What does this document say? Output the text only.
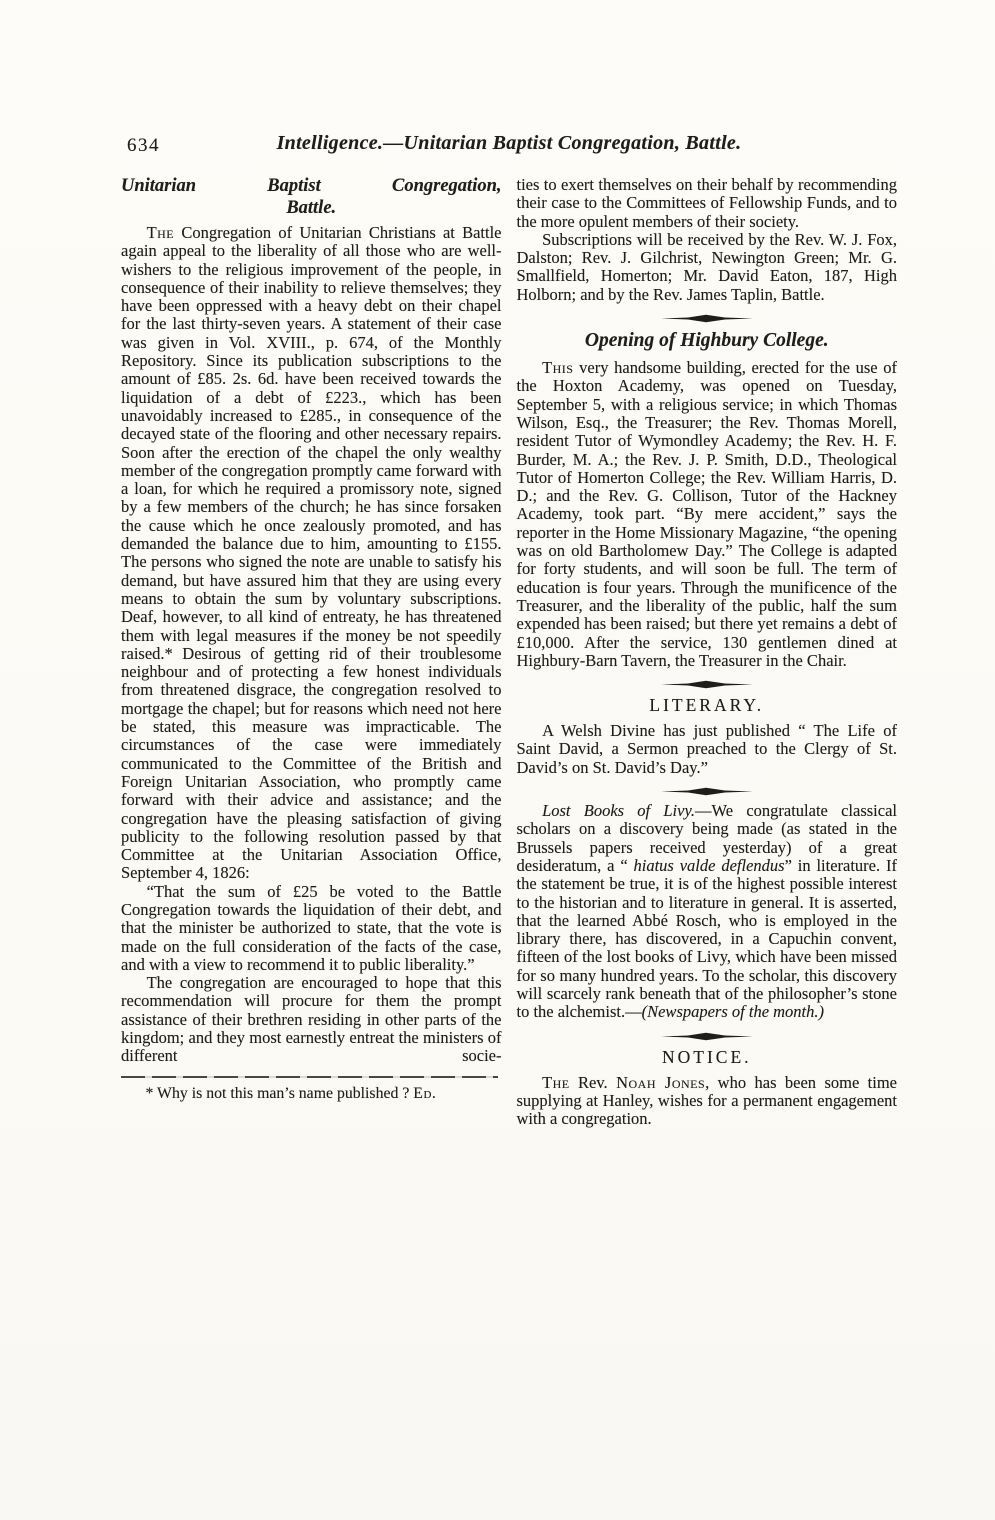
634	Intelligence.—Unitarian Baptist Congregation, Battle.
Unitarian Baptist Congregation,
Battle.

The Congregation of Unitarian Christians at Battle again appeal to the liberality of all those who are well-wishers to the religious improvement of the people, in consequence of their inability to relieve themselves; they have been oppressed with a heavy debt on their chapel for the last thirty-seven years. A statement of their case was given in Vol. XVIII., p. 674, of the Monthly Repository. Since its publication subscriptions to the amount of £85. 2s. 6d. have been received towards the liquidation of a debt of £223., which has been unavoidably increased to £285., in consequence of the decayed state of the flooring and other necessary repairs. Soon after the erection of the chapel the only wealthy member of the congregation promptly came forward with a loan, for which he required a promissory note, signed by a few members of the church; he has since forsaken the cause which he once zealously promoted, and has demanded the balance due to him, amounting to £155. The persons who signed the note are unable to satisfy his demand, but have assured him that they are using every means to obtain the sum by voluntary subscriptions. Deaf, however, to all kind of entreaty, he has threatened them with legal measures if the money be not speedily raised.* Desirous of getting rid of their troublesome neighbour and of protecting a few honest individuals from threatened disgrace, the congregation resolved to mortgage the chapel; but for reasons which need not here be stated, this measure was impracticable. The circumstances of the case were immediately communicated to the Committee of the British and Foreign Unitarian Association, who promptly came forward with their advice and assistance; and the congregation have the pleasing satisfaction of giving publicity to the following resolution passed by that Committee at the Unitarian Association Office, September 4, 1826:

“That the sum of £25 be voted to the Battle Congregation towards the liquidation of their debt, and that the minister be authorized to state, that the vote is made on the full consideration of the facts of the case, and with a view to recommend it to public liberality.”

The congregation are encouraged to hope that this recommendation will procure for them the prompt assistance of their brethren residing in other parts of the kingdom; and they most earnestly entreat the ministers of different socie-

* Why is not this man’s name published ? Ed.

ties to exert themselves on their behalf by recommending their case to the Committees of Fellowship Funds, and to the more opulent members of their society.

Subscriptions will be received by the Rev. W. J. Fox, Dalston; Rev. J. Gilchrist, Newington Green; Mr. G. Smallfield, Homerton; Mr. David Eaton, 187, High Holborn; and by the Rev. James Taplin, Battle.

Opening of Highbury College.

This very handsome building, erected for the use of the Hoxton Academy, was opened on Tuesday, September 5, with a religious service; in which Thomas Wilson, Esq., the Treasurer; the Rev. Thomas Morell, resident Tutor of Wymondley Academy; the Rev. H. F. Burder, M. A.; the Rev. J. P. Smith, D.D., Theological Tutor of Homerton College; the Rev. William Harris, D. D.; and the Rev. G. Collison, Tutor of the Hackney Academy, took part. “By mere accident,” says the reporter in the Home Missionary Magazine, “the opening was on old Bartholomew Day.” The College is adapted for forty students, and will soon be full. The term of education is four years. Through the munificence of the Treasurer, and the liberality of the public, half the sum expended has been raised; but there yet remains a debt of £10,000. After the service, 130 gentlemen dined at Highbury-Barn Tavern, the Treasurer in the Chair.

LITERARY.

A Welsh Divine has just published “ The Life of Saint David, a Sermon preached to the Clergy of St. David’s on St. David’s Day.”

Lost Books of Livy.—We congratulate classical scholars on a discovery being made (as stated in the Brussels papers received yesterday) of a great desideratum, a “ hiatus valde deflendus” in literature. If the statement be true, it is of the highest possible interest to the historian and to literature in general. It is asserted, that the learned Abbé Rosch, who is employed in the library there, has discovered, in a Capuchin convent, fifteen of the lost books of Livy, which have been missed for so many hundred years. To the scholar, this discovery will scarcely rank beneath that of the philosopher’s stone to the alchemist.—(Newspapers of the month.)

NOTICE.

The Rev. Noah Jones, who has been some time supplying at Hanley, wishes for a permanent engagement with a congregation.
